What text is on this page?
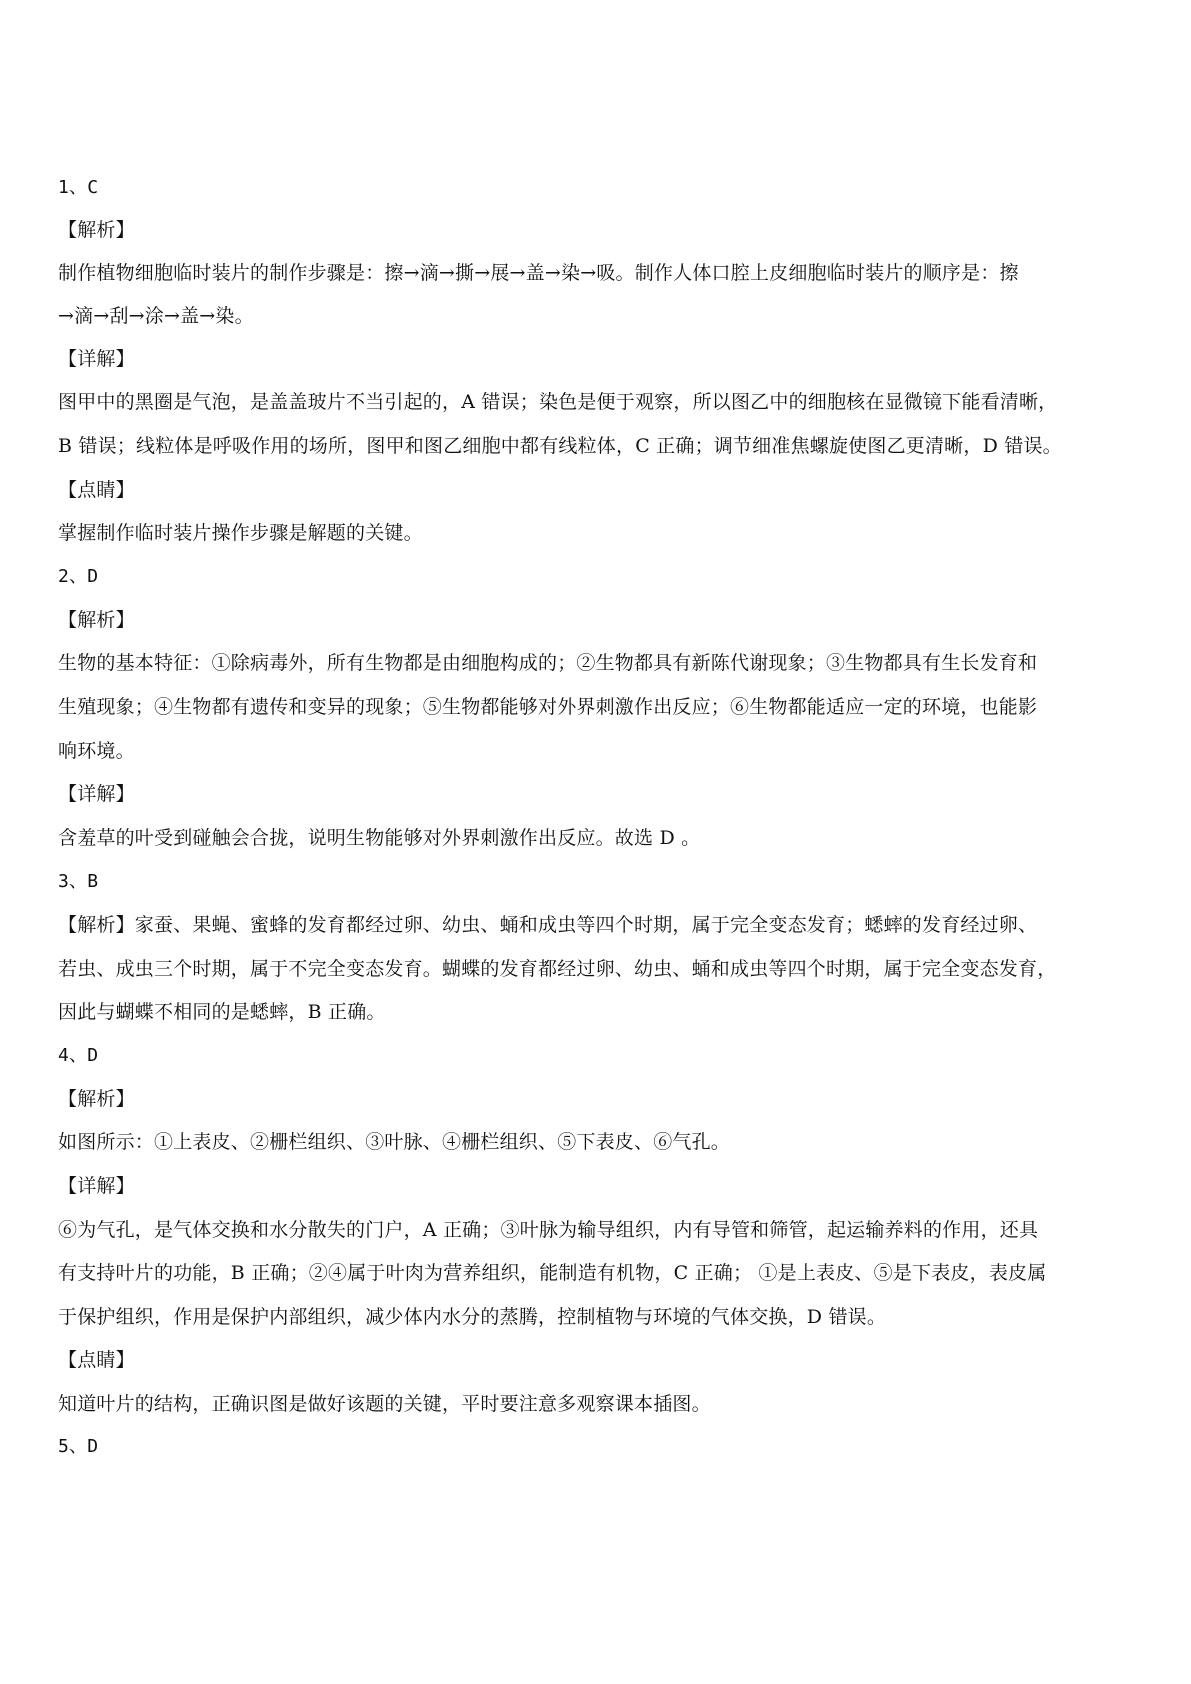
1、C

【解析】

制作植物细胞临时装片的制作步骤是：擦→滴→撕→展→盖→染→吸。制作人体口腔上皮细胞临时装片的顺序是：擦

→滴→刮→涂→盖→染。

【详解】

图甲中的黑圈是气泡，是盖盖玻片不当引起的，A 错误；染色是便于观察，所以图乙中的细胞核在显微镜下能看清晰，

B 错误；线粒体是呼吸作用的场所，图甲和图乙细胞中都有线粒体，C 正确；调节细准焦螺旋使图乙更清晰，D 错误。

【点睛】

掌握制作临时装片操作步骤是解题的关键。

2、D

【解析】

生物的基本特征：①除病毒外，所有生物都是由细胞构成的；②生物都具有新陈代谢现象；③生物都具有生长发育和

生殖现象；④生物都有遗传和变异的现象；⑤生物都能够对外界刺激作出反应；⑥生物都能适应一定的环境，也能影

响环境。

【详解】

含羞草的叶受到碰触会合拢，说明生物能够对外界刺激作出反应。故选 D 。

3、B

【解析】家蚕、果蝇、蜜蜂的发育都经过卵、幼虫、蛹和成虫等四个时期，属于完全变态发育；蟋蟀的发育经过卵、

若虫、成虫三个时期，属于不完全变态发育。蝴蝶的发育都经过卵、幼虫、蛹和成虫等四个时期，属于完全变态发育，

因此与蝴蝶不相同的是蟋蟀，B 正确。

4、D

【解析】

如图所示：①上表皮、②栅栏组织、③叶脉、④栅栏组织、⑤下表皮、⑥气孔。

【详解】

⑥为气孔，是气体交换和水分散失的门户，A 正确；③叶脉为输导组织，内有导管和筛管，起运输养料的作用，还具

有支持叶片的功能，B 正确；②④属于叶肉为营养组织，能制造有机物，C 正确； ①是上表皮、⑤是下表皮，表皮属

于保护组织，作用是保护内部组织，减少体内水分的蒸腾，控制植物与环境的气体交换，D 错误。

【点睛】

知道叶片的结构，正确识图是做好该题的关键，平时要注意多观察课本插图。

5、D
